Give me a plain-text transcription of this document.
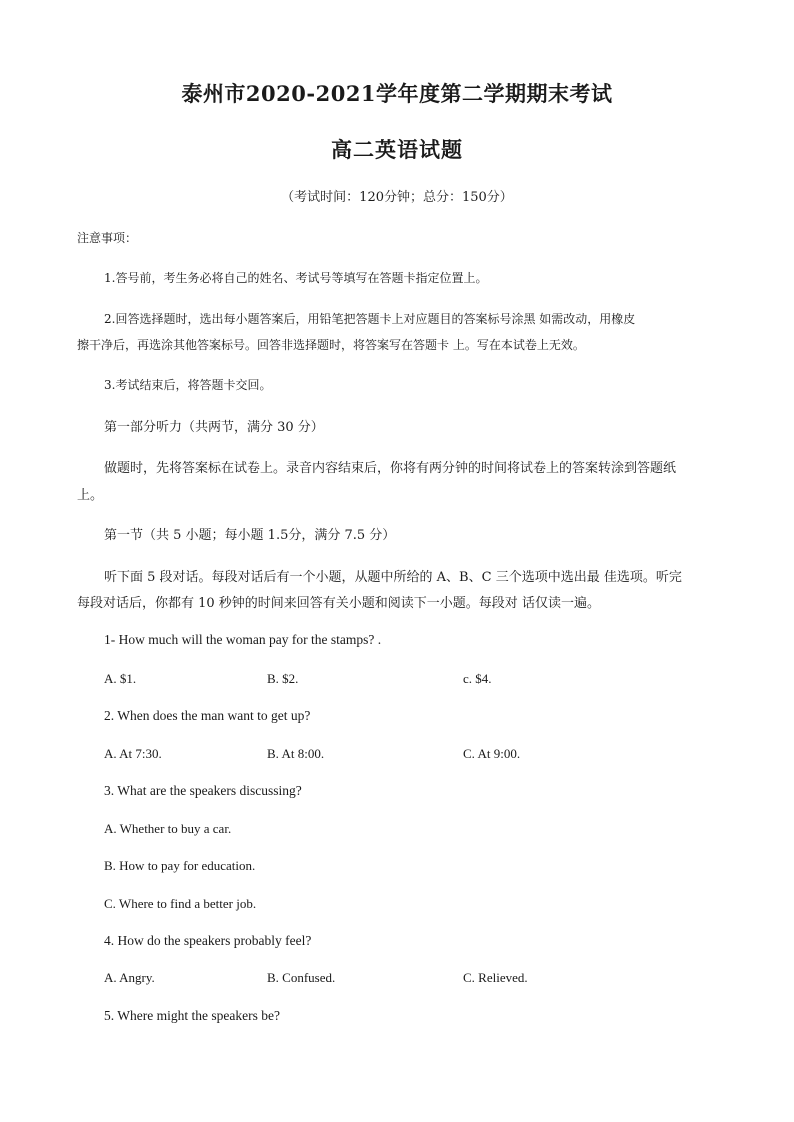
泰州市2020-2021学年度第二学期期末考试
高二英语试题
（考试时间：120分钟；总分：150分）
注意事项：
1.答号前，考生务必将自己的姓名、考试号等填写在答题卡指定位置上。
2.回答选择题时，选出每小题答案后，用铅笔把答题卡上对应题目的答案标号涂黑 如需改动，用橡皮
擦干净后，再选涂其他答案标号。回答非选择题时，将答案写在答题卡 上。写在本试卷上无效。
3.考试结束后，将答题卡交回。
第一部分听力（共两节，满分 30 分）
做题时，先将答案标在试卷上。录音内容结束后，你将有两分钟的时间将试卷上的答案转涂到答题纸
上。
第一节（共 5 小题；每小题 1.5分，满分 7.5 分）
听下面 5 段对话。每段对话后有一个小题，从题中所给的 A、B、C 三个选项中选出最 佳选项。听完
每段对话后，你都有 10 秒钟的时间来回答有关小题和阅读下一小题。每段对 话仅读一遍。
1- How much will the woman pay for the stamps? .
A. $1.	B. $2.	c. $4.
2. When does the man want to get up?
A. At 7:30.	B. At 8:00.	C. At 9:00.
3. What are the speakers discussing?
A. Whether to buy a car.
B. How to pay for education.
C. Where to find a better job.
4. How do the speakers probably feel?
A. Angry.	B. Confused.	C. Relieved.
5. Where might the speakers be?
